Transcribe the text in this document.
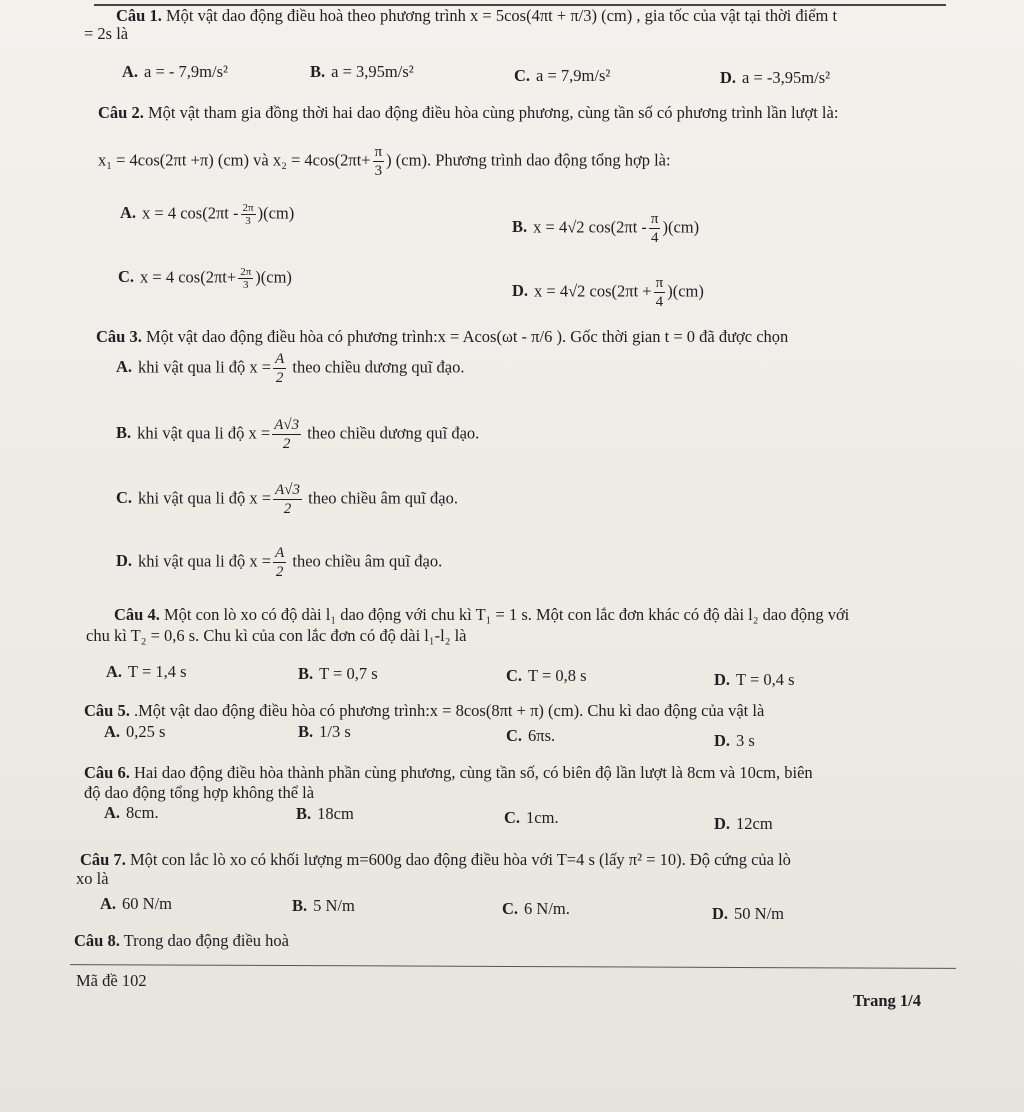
Câu 1. Một vật dao động điều hoà theo phương trình x = 5cos(4πt + π/3) (cm) , gia tốc của vật tại thời điểm t
= 2s là
A. a = - 7,9m/s²	B. a = 3,95m/s²	C. a = 7,9m/s²	D. a = -3,95m/s²
Câu 2. Một vật tham gia đồng thời hai dao động điều hòa cùng phương, cùng tần số có phương trình lần lượt là:
x₁ = 4cos(2πt +π) (cm) và $x_2 = 4\cos(2\pi t+ \frac{\pi}{3}$ ) (cm). Phương trình dao động tổng hợp là:
A. x = 4 $\cos(2\pi t - \frac{2\pi}{3} )(cm)$
B. x = 4√2 $\cos(2\pi t - \frac{\pi}{4} )(cm)$
C. x = 4 $\cos(2\pi t+ \frac{2\pi}{3} )(cm)$
D. x = 4√2 $\cos(2\pi t + \frac{\pi}{4} )(cm)$
Câu 3. Một vật dao động điều hòa có phương trình:x = Acos(ωt - π/6 ). Gốc thời gian t = 0 đã được chọn
A. khi vật qua li độ $x = \frac{A}{2}$ theo chiều dương quĩ đạo.
B. khi vật qua li độ $x = \frac{A√3}{2}$ theo chiều dương quĩ đạo.
C. khi vật qua li độ $x = \frac{A√3}{2}$ theo chiều âm quĩ đạo.
D. khi vật qua li độ $x = \frac{A}{2}$ theo chiều âm quĩ đạo.
Câu 4. Một con lò xo có độ dài l₁ dao động với chu kì T₁ = 1 s. Một con lắc đơn khác có độ dài l₂ dao động với
chu kì T₂ = 0,6 s. Chu kì của con lắc đơn có độ dài l₁-l₂ là
A. T = 1,4 s	B. T = 0,7 s	C. T = 0,8 s	D. T = 0,4 s
Câu 5. .Một vật dao động điều hòa có phương trình:x = 8cos(8πt + π) (cm). Chu kì dao động của vật là
A. 0,25 s	B. 1/3 s	C. 6πs.	D. 3 s
Câu 6. Hai dao động điều hòa thành phần cùng phương, cùng tần số, có biên độ lần lượt là 8cm và 10cm, biên
độ dao động tổng hợp không thể là
A. 8cm.	B. 18cm	C. 1cm.	D. 12cm
Câu 7. Một con lắc lò xo có khối lượng m=600g dao động điều hòa với T=4 s (lấy π² = 10). Độ cứng của lò
xo là
A. 60 N/m	B. 5 N/m	C. 6 N/m.	D. 50 N/m
Câu 8. Trong dao động điều hoà
Mã đề 102
Trang 1/4
